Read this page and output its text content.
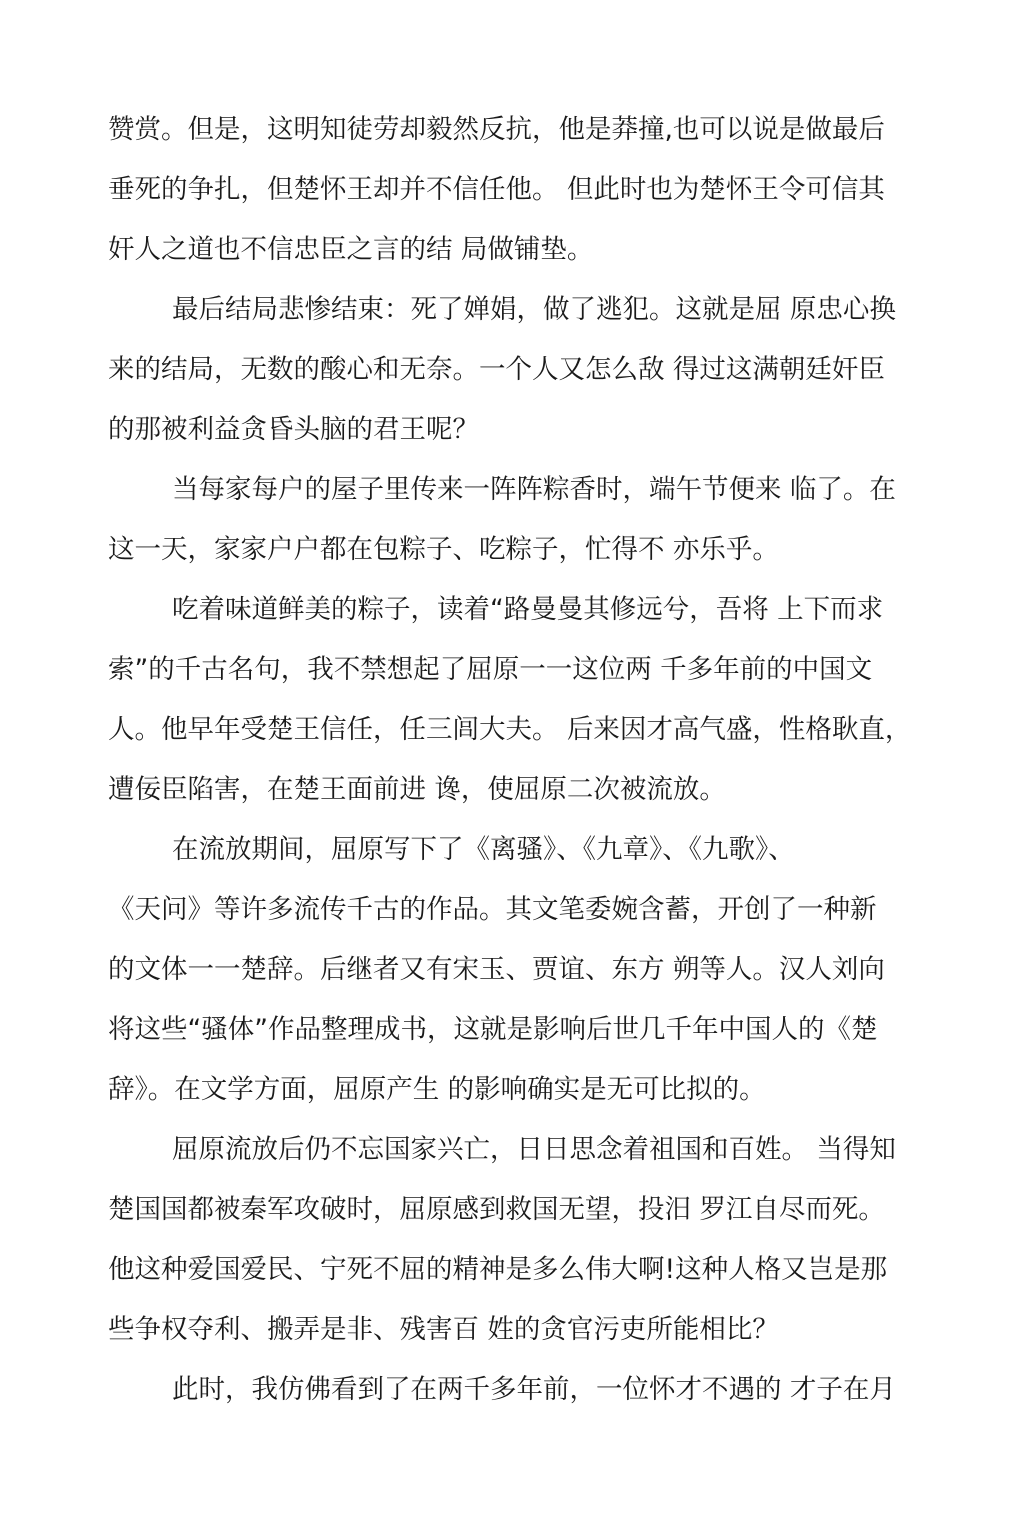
赞赏。但是，这明知徒劳却毅然反抗，他是莽撞,也可以说是做最后
垂死的争扎，但楚怀王却并不信任他。 但此时也为楚怀王令可信其
奸人之道也不信忠臣之言的结 局做铺垫。
最后结局悲惨结束：死了婵娟，做了逃犯。这就是屈 原忠心换
来的结局，无数的酸心和无奈。一个人又怎么敌 得过这满朝廷奸臣
的那被利益贪昏头脑的君王呢？
当每家每户的屋子里传来一阵阵粽香时，端午节便来 临了。在
这一天，家家户户都在包粽子、吃粽子，忙得不 亦乐乎。
吃着味道鲜美的粽子，读着“路曼曼其修远兮，吾将 上下而求
索”的千古名句，我不禁想起了屈原一一这位两 千多年前的中国文
人。他早年受楚王信任，任三闾大夫。 后来因才高气盛，性格耿直，
遭佞臣陷害，在楚王面前进 谗，使屈原二次被流放。
在流放期间，屈原写下了《离骚》、《九章》、《九歌》、
《天问》等许多流传千古的作品。其文笔委婉含蓄，开创了一种新
的文体一一楚辞。后继者又有宋玉、贾谊、东方 朔等人。汉人刘向
将这些“骚体”作品整理成书，这就是影响后世几千年中国人的《楚
辞》。在文学方面，屈原产生 的影响确实是无可比拟的。
屈原流放后仍不忘国家兴亡，日日思念着祖国和百姓。 当得知
楚国国都被秦军攻破时，屈原感到救国无望，投汨 罗江自尽而死。
他这种爱国爱民、宁死不屈的精神是多么伟大啊!这种人格又岂是那
些争权夺利、搬弄是非、残害百 姓的贪官污吏所能相比？
此时，我仿佛看到了在两千多年前，一位怀才不遇的 才子在月
